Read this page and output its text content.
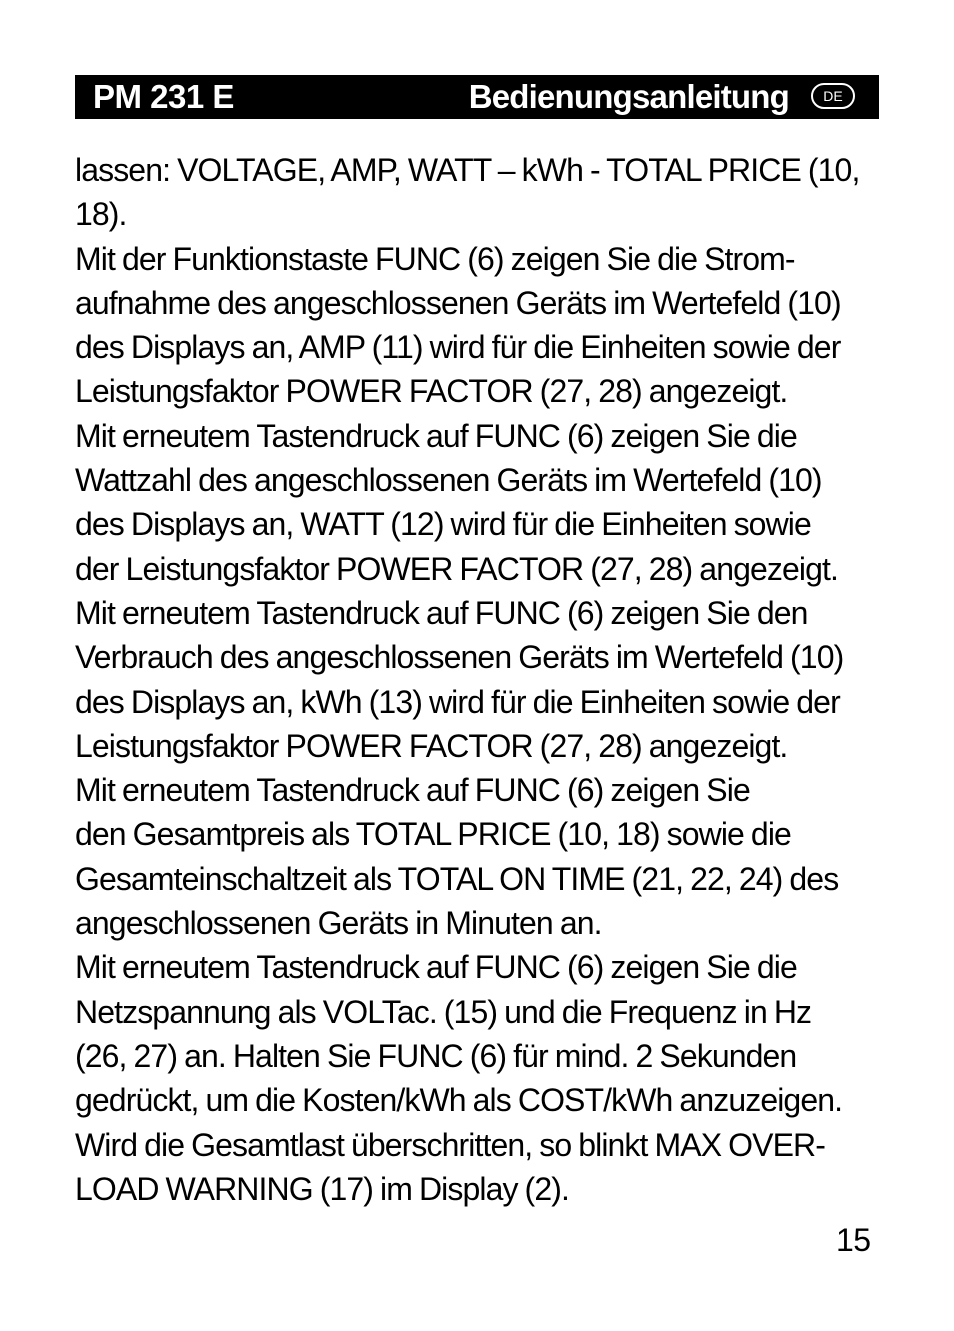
PM 231 E	Bedienungsanleitung	DE
lassen: VOLTAGE, AMP, WATT – kWh - TOTAL PRICE (10,
18).
Mit der Funktionstaste FUNC (6) zeigen Sie die Strom-
aufnahme des angeschlossenen Geräts im Wertefeld (10)
des Displays an, AMP (11) wird für die Einheiten sowie der
Leistungsfaktor POWER FACTOR (27, 28) angezeigt.
Mit erneutem Tastendruck auf FUNC (6) zeigen Sie die
Wattzahl des angeschlossenen Geräts im Wertefeld (10)
des Displays an, WATT (12) wird für die Einheiten sowie
der Leistungsfaktor POWER FACTOR (27, 28) angezeigt.
Mit erneutem Tastendruck auf FUNC (6) zeigen Sie den
Verbrauch des angeschlossenen Geräts im Wertefeld (10)
des Displays an, kWh (13) wird für die Einheiten sowie der
Leistungsfaktor POWER FACTOR (27, 28) angezeigt.
Mit erneutem Tastendruck auf FUNC (6) zeigen Sie
den Gesamtpreis als TOTAL PRICE (10, 18) sowie die
Gesamteinschaltzeit als TOTAL ON TIME (21, 22, 24) des
angeschlossenen Geräts in Minuten an.
Mit erneutem Tastendruck auf FUNC (6) zeigen Sie die
Netzspannung als VOLTac. (15) und die Frequenz in Hz
(26, 27) an. Halten Sie FUNC (6) für mind. 2 Sekunden
gedrückt, um die Kosten/kWh als COST/kWh anzuzeigen.
Wird die Gesamtlast überschritten, so blinkt MAX OVER-
LOAD WARNING (17) im Display (2).
15
